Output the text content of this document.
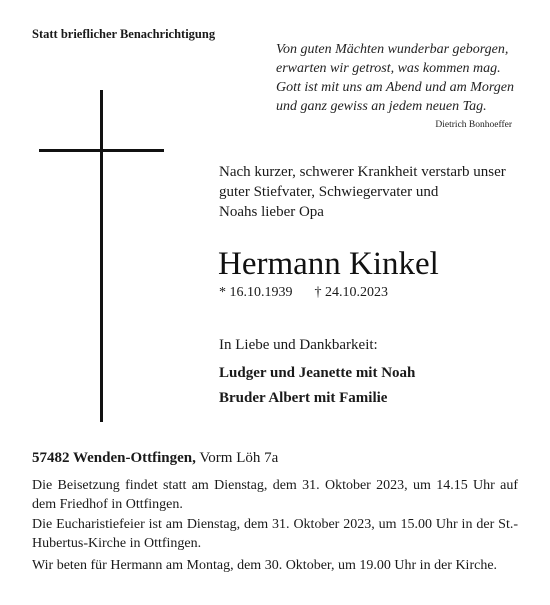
Statt brieflicher Benachrichtigung
Von guten Mächten wunderbar geborgen,
erwarten wir getrost, was kommen mag.
Gott ist mit uns am Abend und am Morgen
und ganz gewiss an jedem neuen Tag.
Dietrich Bonhoeffer
Nach kurzer, schwerer Krankheit verstarb unser
guter Stiefvater, Schwiegervater und
Noahs lieber Opa
Hermann Kinkel
* 16.10.1939 † 24.10.2023
In Liebe und Dankbarkeit:
Ludger und Jeanette mit Noah
Bruder Albert mit Familie
57482 Wenden-Ottfingen, Vorm Löh 7a
Die Beisetzung findet statt am Dienstag, dem 31. Oktober 2023, um 14.15 Uhr auf dem Friedhof in Ottfingen.
Die Eucharistiefeier ist am Dienstag, dem 31. Oktober 2023, um 15.00 Uhr in der St.-Hubertus-Kirche in Ottfingen.
Wir beten für Hermann am Montag, dem 30. Oktober, um 19.00 Uhr in der Kirche.
